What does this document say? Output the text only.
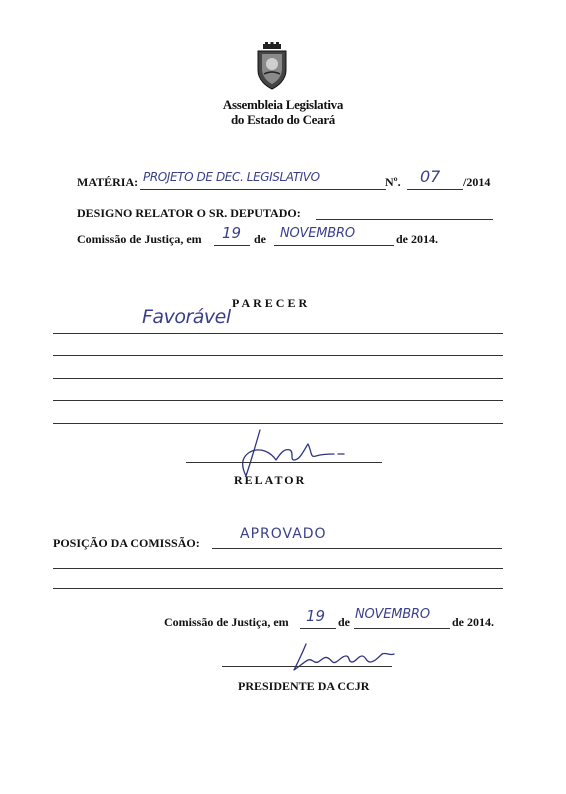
Assembleia Legislativa
do Estado do Ceará
MATÉRIA: PROJETO DE DEC. LEGISLATIVO	Nº. 07 /2014
DESIGNO RELATOR O SR. DEPUTADO:
Comissão de Justiça, em 19 de NOVEMBRO	de 2014.
PARECER
Favorável
RELATOR
POSIÇÃO DA COMISSÃO:
APROVADO
Comissão de Justiça, em 19 de NOVEMBRO de 2014.
PRESIDENTE DA CCJR
